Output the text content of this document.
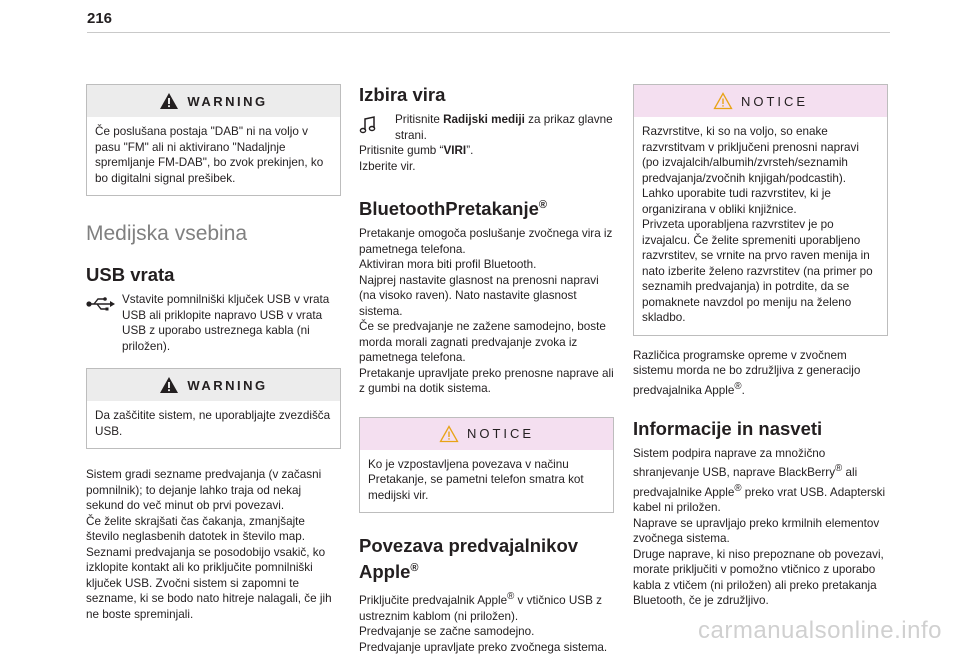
216
WARNING
Če poslušana postaja "DAB" ni na voljo v pasu "FM" ali ni aktivirano "Nadaljnje spremljanje FM-DAB", bo zvok prekinjen, ko bo digitalni signal prešibek.
Medijska vsebina
USB vrata
Vstavite pomnilniški ključek USB v vrata USB ali priklopite napravo USB v vrata USB z uporabo ustreznega kabla (ni priložen).
WARNING
Da zaščitite sistem, ne uporabljajte zvezdišča USB.
Sistem gradi sezname predvajanja (v začasni pomnilnik); to dejanje lahko traja od nekaj sekund do več minut ob prvi povezavi.
Če želite skrajšati čas čakanja, zmanjšajte število neglasbenih datotek in število map.
Seznami predvajanja se posodobijo vsakič, ko izklopite kontakt ali ko priključite pomnilniški ključek USB. Zvočni sistem si zapomni te sezname, ki se bodo nato hitreje nalagali, če jih ne boste spreminjali.
Izbira vira
Pritisnite Radijski mediji za prikaz glavne strani.
Pritisnite gumb “VIRI”.
Izberite vir.
BluetoothPretakanje®
Pretakanje omogoča poslušanje zvočnega vira iz pametnega telefona.
Aktiviran mora biti profil Bluetooth.
Najprej nastavite glasnost na prenosni napravi (na visoko raven). Nato nastavite glasnost sistema.
Če se predvajanje ne zažene samodejno, boste morda morali zagnati predvajanje zvoka iz pametnega telefona.
Pretakanje upravljate preko prenosne naprave ali z gumbi na dotik sistema.
NOTICE
Ko je vzpostavljena povezava v načinu Pretakanje, se pametni telefon smatra kot medijski vir.
Povezava predvajalnikov Apple®
Priključite predvajalnik Apple® v vtičnico USB z ustreznim kablom (ni priložen).
Predvajanje se začne samodejno.
Predvajanje upravljate preko zvočnega sistema.
NOTICE
Razvrstitve, ki so na voljo, so enake razvrstitvam v priključeni prenosni napravi (po izvajalcih/albumih/zvrsteh/seznamih predvajanja/zvočnih knjigah/podcastih).
Lahko uporabite tudi razvrstitev, ki je organizirana v obliki knjižnice.
Privzeta uporabljena razvrstitev je po izvajalcu. Če želite spremeniti uporabljeno razvrstitev, se vrnite na prvo raven menija in nato izberite želeno razvrstitev (na primer po seznamih predvajanja) in potrdite, da se pomaknete navzdol po meniju na želeno skladbo.
Različica programske opreme v zvočnem sistemu morda ne bo združljiva z generacijo predvajalnika Apple®.
Informacije in nasveti
Sistem podpira naprave za množično shranjevanje USB, naprave BlackBerry® ali predvajalnike Apple® preko vrat USB. Adapterski kabel ni priložen.
Naprave se upravljajo preko krmilnih elementov zvočnega sistema.
Druge naprave, ki niso prepoznane ob povezavi, morate priključiti v pomožno vtičnico z uporabo kabla z vtičem (ni priložen) ali preko pretakanja Bluetooth, če je združljivo.
carmanualsonline.info
